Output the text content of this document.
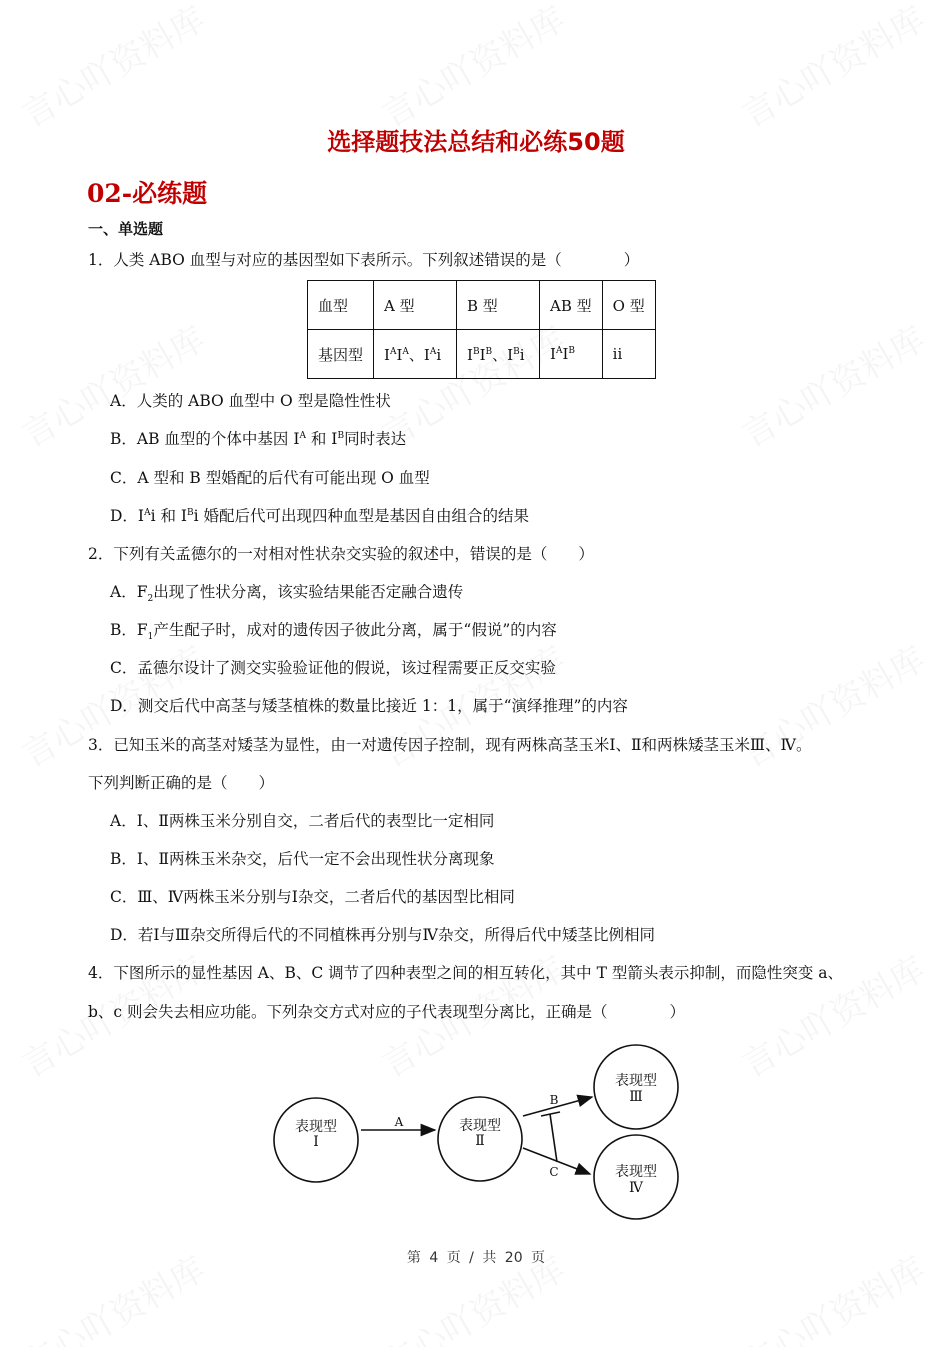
选择题技法总结和必练50题
02-必练题
一、单选题
1．人类 ABO 血型与对应的基因型如下表所示。下列叙述错误的是（　　　　）
血型	A 型	B 型	AB 型	O 型
基因型	$I^AI^A$、$I^Ai$	$I^BI^B$、$I^Bi$	$I^AI^B$	ii
A．人类的 ABO 血型中 O 型是隐性性状
B．AB 血型的个体中基因 $I^A$ 和 $I^B$同时表达
C．A 型和 B 型婚配的后代有可能出现 O 血型
D．$I^Ai$ 和 $I^Bi$ 婚配后代可出现四种血型是基因自由组合的结果
2．下列有关孟德尔的一对相对性状杂交实验的叙述中，错误的是（　　）
A．$F_2$出现了性状分离，该实验结果能否定融合遗传
B．$F_1$产生配子时，成对的遗传因子彼此分离，属于“假说”的内容
C．孟德尔设计了测交实验验证他的假说，该过程需要正反交实验
D．测交后代中高茎与矮茎植株的数量比接近 1：1，属于“演绎推理”的内容
3．已知玉米的高茎对矮茎为显性，由一对遗传因子控制，现有两株高茎玉米Ⅰ、Ⅱ和两株矮茎玉米Ⅲ、Ⅳ。
下列判断正确的是（　　）
A．Ⅰ、Ⅱ两株玉米分别自交，二者后代的表型比一定相同
B．Ⅰ、Ⅱ两株玉米杂交，后代一定不会出现性状分离现象
C．Ⅲ、Ⅳ两株玉米分别与Ⅰ杂交，二者后代的基因型比相同
D．若Ⅰ与Ⅲ杂交所得后代的不同植株再分别与Ⅳ杂交，所得后代中矮茎比例相同
4．下图所示的显性基因 A、B、C 调节了四种表型之间的相互转化，其中 T 型箭头表示抑制，而隐性突变 a、
b、c 则会失去相应功能。下列杂交方式对应的子代表现型分离比，正确是（　　　　）
表现型
Ⅰ
表现型
Ⅱ
表现型
Ⅲ
表现型
Ⅳ
A
B
C
第 4 页 / 共 20 页
